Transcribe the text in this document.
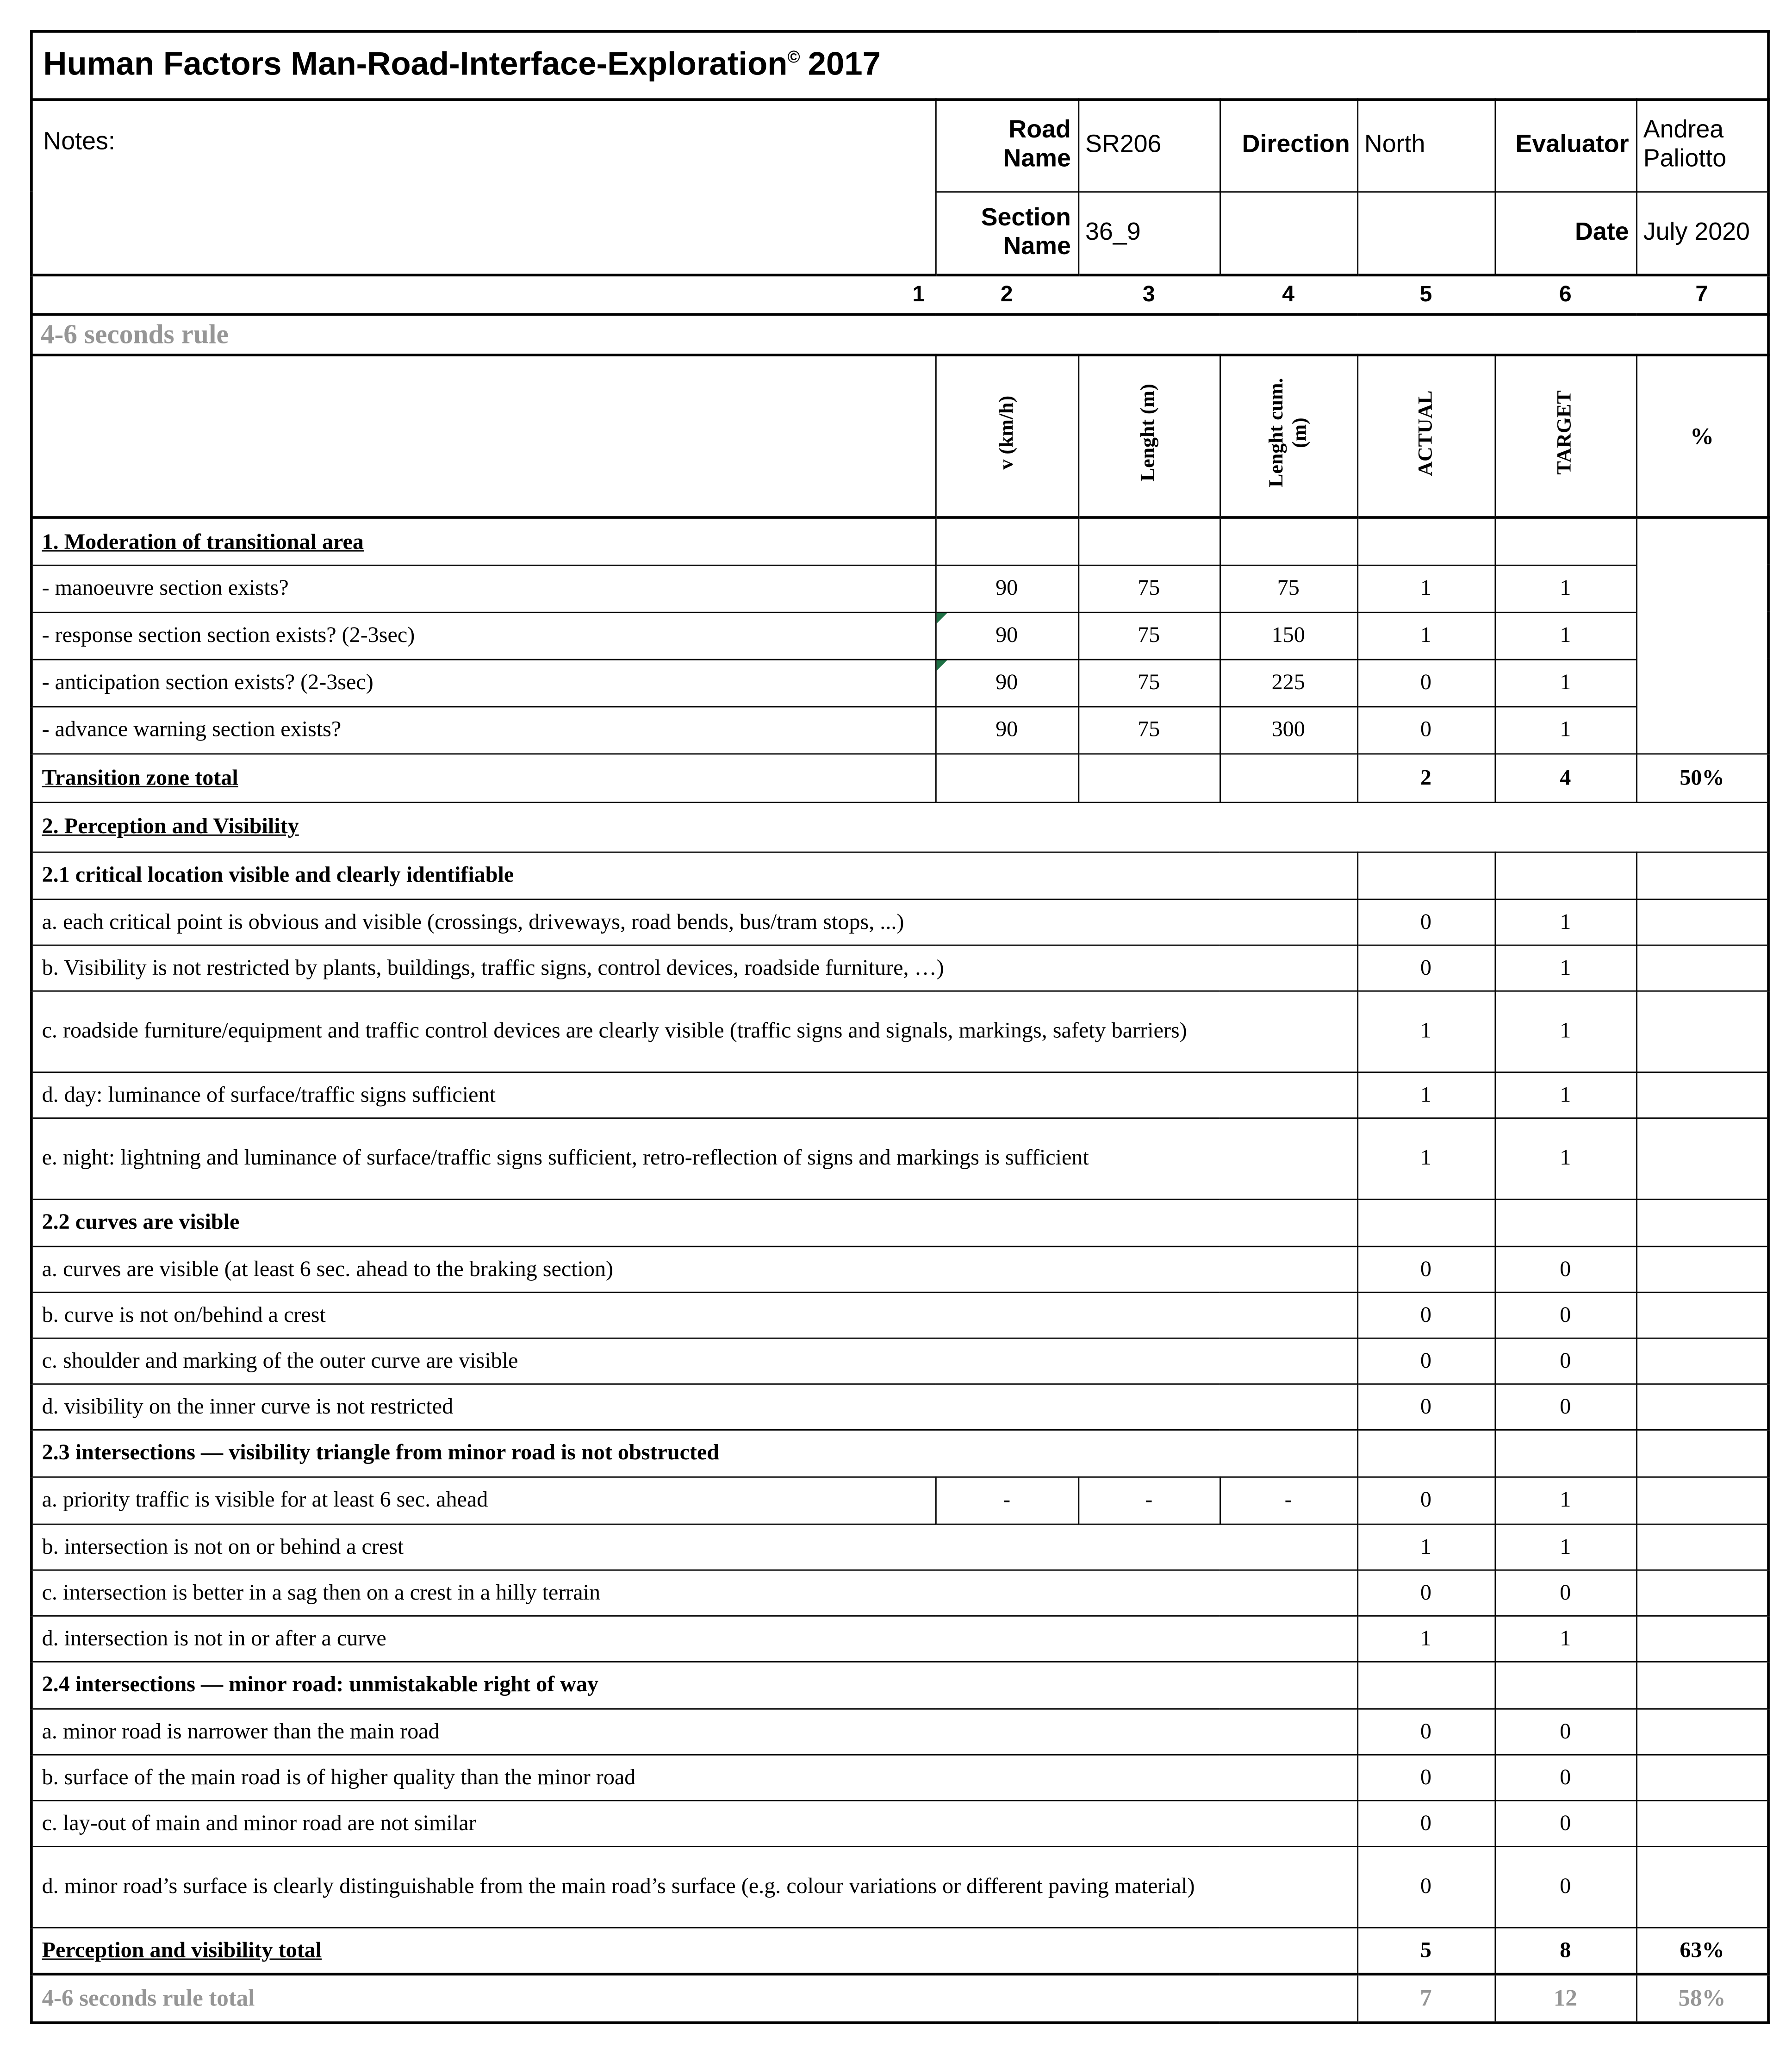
Human Factors Man-Road-Interface-Exploration© 2017						
Notes:	Road Name	SR206	Direction	North	Evaluator	Andrea Paliotto

	Section Name	36_9			Date	July 2020
1	2	3	4	5	6	7
4-6 seconds rule						
	v (km/h)	Lenght (m)	Lenght cum. (m)	ACTUAL	TARGET	%
1. Moderation of transitional area						
- manoeuvre section exists?	90	75	75	1	1	
- response section section exists? (2-3sec)	90	75	150	1	1	
- anticipation section exists? (2-3sec)	90	75	225	0	1	
- advance warning section exists?	90	75	300	0	1	
Transition zone total				2	4	50%
2. Perception and Visibility						
2.1 critical location visible and clearly identifiable						
a. each critical point is obvious and visible (crossings, driveways, road bends, bus/tram stops, ...)				0	1	
b. Visibility is not restricted by plants, buildings, traffic signs, control devices, roadside furniture, …)				0	1	
c. roadside furniture/equipment and traffic control devices are clearly visible (traffic signs and signals, markings, safety barriers)				1	1	
d. day: luminance of surface/traffic signs sufficient				1	1	
e. night: lightning and luminance of surface/traffic signs sufficient, retro-reflection of signs and markings is sufficient				1	1	
2.2 curves are visible						
a. curves are visible (at least 6 sec. ahead to the braking section)				0	0	
b. curve is not on/behind a crest				0	0	
c. shoulder and marking of the outer curve are visible				0	0	
d. visibility on the inner curve is not restricted				0	0	
2.3 intersections — visibility triangle from minor road is not obstructed						
a. priority traffic is visible for at least 6 sec. ahead	-	-	-	0	1	
b. intersection is not on or behind a crest				1	1	
c. intersection is better in a sag then on a crest in a hilly terrain				0	0	
d. intersection is not in or after a curve				1	1	
2.4 intersections — minor road: unmistakable right of way						
a. minor road is narrower than the main road				0	0	
b. surface of the main road is of higher quality than the minor road				0	0	
c. lay-out of main and minor road are not similar				0	0	
d. minor road’s surface is clearly distinguishable from the main road’s surface (e.g. colour variations or different paving material)				0	0	
Perception and visibility total				5	8	63%
4-6 seconds rule total				7	12	58%
